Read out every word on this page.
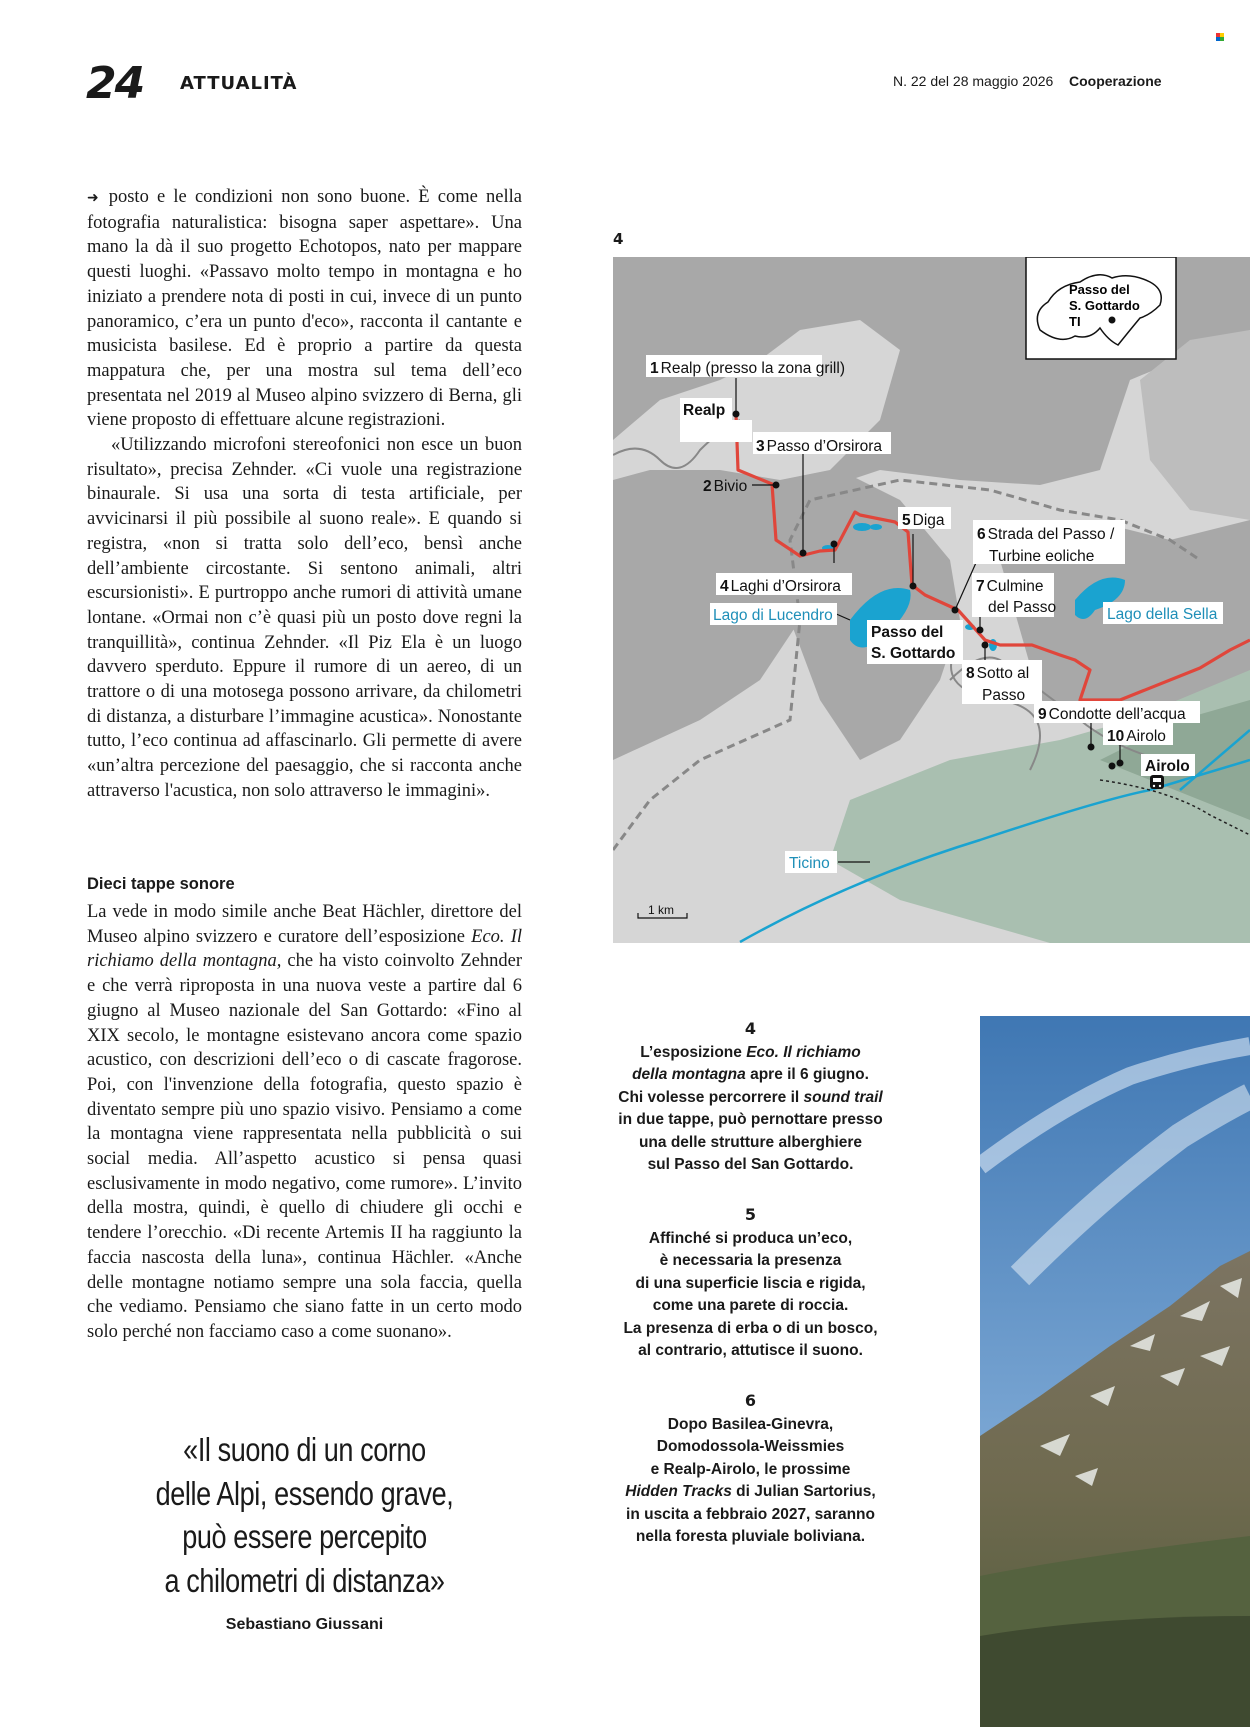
24 ATTUALITÀ	N. 22 del 28 maggio 2026 Cooperazione

➜ posto e le condizioni non sono buone. È come nella fotografia naturalistica: bisogna saper aspettare». Una mano la dà il suo progetto Echotopos, nato per mappare questi luoghi. «Passavo molto tempo in montagna e ho iniziato a prendere nota di posti in cui, invece di un punto panoramico, c’era un punto d'eco», racconta il cantante e musicista basilese. Ed è proprio a partire da questa mappatura che, per una mostra sul tema dell’eco presentata nel 2019 al Museo alpino svizzero di Berna, gli viene proposto di effettuare alcune registrazioni.

«Utilizzando microfoni stereofonici non esce un buon risultato», precisa Zehnder. «Ci vuole una registrazione binaurale. Si usa una sorta di testa artificiale, per avvicinarsi il più possibile al suono reale». E quando si registra, «non si tratta solo dell’eco, bensì anche dell’ambiente circostante. Si sentono animali, altri escursionisti». E purtroppo anche rumori di attività umane lontane. «Ormai non c’è quasi più un posto dove regni la tranquillità», continua Zehnder. «Il Piz Ela è un luogo davvero sperduto. Eppure il rumore di un aereo, di un trattore o di una motosega possono arrivare, da chilometri di distanza, a disturbare l’immagine acustica». Nonostante tutto, l’eco continua ad affascinarlo. Gli permette di avere «un’altra percezione del paesaggio, che si racconta anche attraverso l'acustica, non solo attraverso le immagini».

Dieci tappe sonore

La vede in modo simile anche Beat Hächler, direttore del Museo alpino svizzero e curatore dell’esposizione Eco. Il richiamo della montagna, che ha visto coinvolto Zehnder e che verrà riproposta in una nuova veste a partire dal 6 giugno al Museo nazionale del San Gottardo: «Fino al XIX secolo, le montagne esistevano ancora come spazio acustico, con descrizioni dell’eco o di cascate fragorose. Poi, con l'invenzione della fotografia, questo spazio è diventato sempre più uno spazio visivo. Pensiamo a come la montagna viene rappresentata nella pubblicità o sui social media. All’aspetto acustico si pensa quasi esclusivamente in modo negativo, come rumore». L’invito della mostra, quindi, è quello di chiudere gli occhi e tendere l’orecchio. «Di recente Artemis II ha raggiunto la faccia nascosta della luna», continua Hächler. «Anche delle montagne notiamo sempre una sola faccia, quella che vediamo. Pensiamo che siano fatte in un certo modo solo perché non facciamo caso a come suonano».

«Il suono di un corno
delle Alpi, essendo grave,
può essere percepito
a chilometri di distanza»
Sebastiano Giussani
4
Passo del
S. Gottardo
TI
1 Realp (presso la zona grill)
2 Bivio
3 Passo d’Orsirora
4 Laghi d’Orsirora
5 Diga
6 Strada del Passo /
Turbine eoliche
7 Culmine
del Passo
8 Sotto al
Passo
9 Condotte dell’acqua
10 Airolo
Realp
Passo del
S. Gottardo
Airolo
Lago di Lucendro	Lago della Sella
Ticino
1 km
4

L’esposizione Eco. Il richiamo

della montagna apre il 6 giugno.

Chi volesse percorrere il sound trail

in due tappe, può pernottare presso

una delle strutture alberghiere

sul Passo del San Gottardo.

5

Affinché si produca un’eco,

è necessaria la presenza

di una superficie liscia e rigida,

come una parete di roccia.

La presenza di erba o di un bosco,

al contrario, attutisce il suono.

6

Dopo Basilea-Ginevra,

Domodossola-Weissmies

e Realp-Airolo, le prossime

Hidden Tracks di Julian Sartorius,

in uscita a febbraio 2027, saranno

nella foresta pluviale boliviana.
